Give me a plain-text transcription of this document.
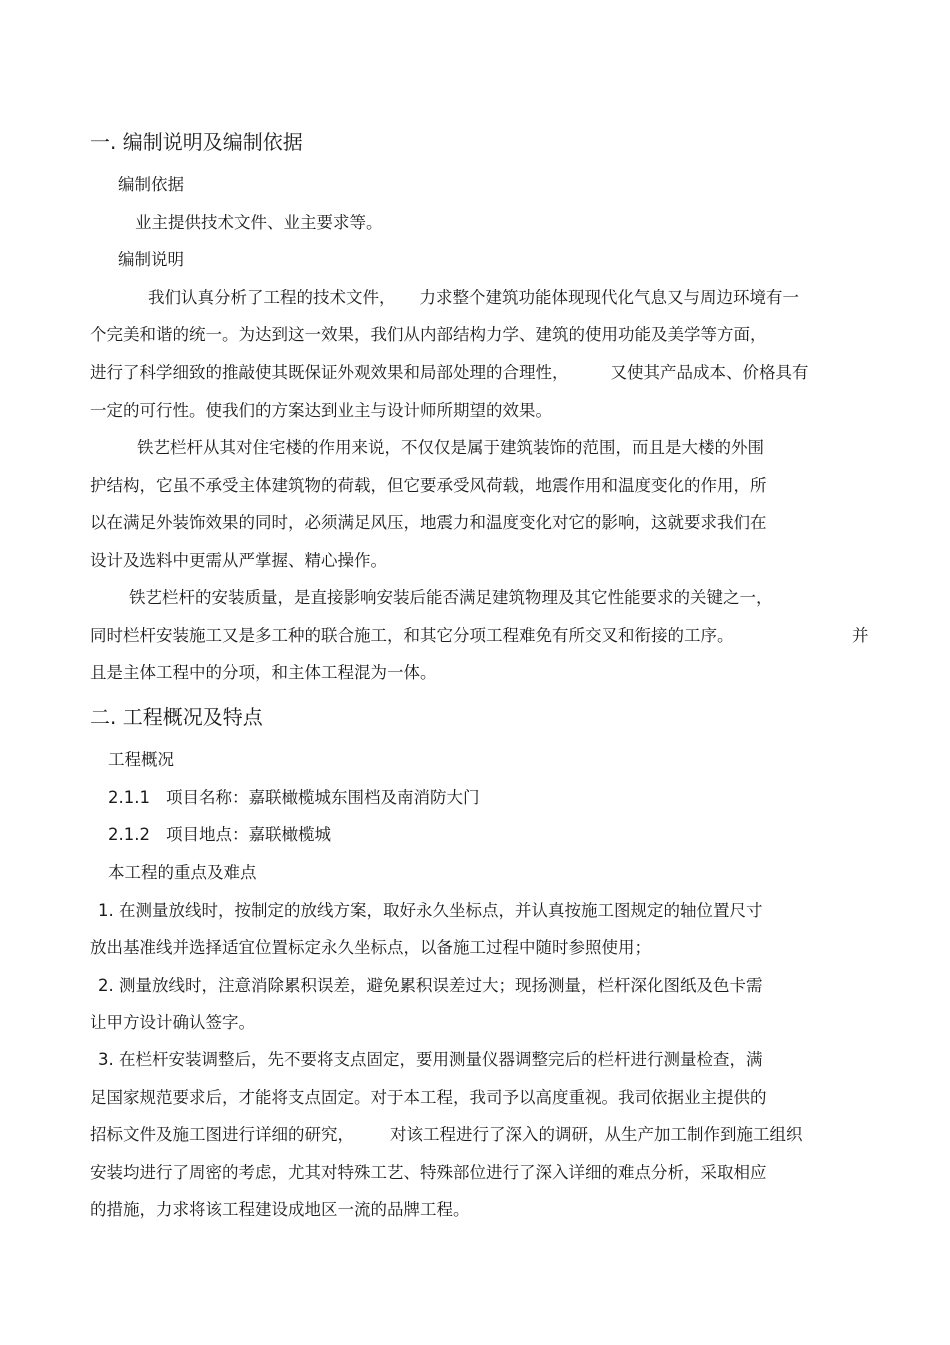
一. 编制说明及编制依据
编制依据
业主提供技术文件、业主要求等。
编制说明
我们认真分析了工程的技术文件， 力求整个建筑功能体现现代化气息又与周边环境有一
个完美和谐的统一。为达到这一效果，我们从内部结构力学、建筑的使用功能及美学等方面，
进行了科学细致的推敲使其既保证外观效果和局部处理的合理性，	又使其产品成本、价格具有
一定的可行性。使我们的方案达到业主与设计师所期望的效果。
铁艺栏杆从其对住宅楼的作用来说，不仅仅是属于建筑装饰的范围，而且是大楼的外围
护结构，它虽不承受主体建筑物的荷载，但它要承受风荷载，地震作用和温度变化的作用，所
以在满足外装饰效果的同时，必须满足风压，地震力和温度变化对它的影响，这就要求我们在
设计及选料中更需从严掌握、精心操作。
铁艺栏杆的安装质量，是直接影响安装后能否满足建筑物理及其它性能要求的关键之一，
同时栏杆安装施工又是多工种的联合施工，和其它分项工程难免有所交叉和衔接的工序。	并
且是主体工程中的分项，和主体工程混为一体。
二. 工程概况及特点
工程概况
2.1.1 项目名称：嘉联橄榄城东围档及南消防大门
2.1.2 项目地点：嘉联橄榄城
本工程的重点及难点
1. 在测量放线时，按制定的放线方案，取好永久坐标点，并认真按施工图规定的轴位置尺寸
放出基准线并选择适宜位置标定永久坐标点，以备施工过程中随时参照使用；
2. 测量放线时，注意消除累积误差，避免累积误差过大；现扬测量，栏杆深化图纸及色卡需
让甲方设计确认签字。
3. 在栏杆安装调整后，先不要将支点固定，要用测量仪器调整完后的栏杆进行测量检查，满
足国家规范要求后，才能将支点固定。对于本工程，我司予以高度重视。我司依据业主提供的
招标文件及施工图进行详细的研究， 对该工程进行了深入的调研，从生产加工制作到施工组织
安装均进行了周密的考虑，尤其对特殊工艺、特殊部位进行了深入详细的难点分析，采取相应
的措施，力求将该工程建设成地区一流的品牌工程。
